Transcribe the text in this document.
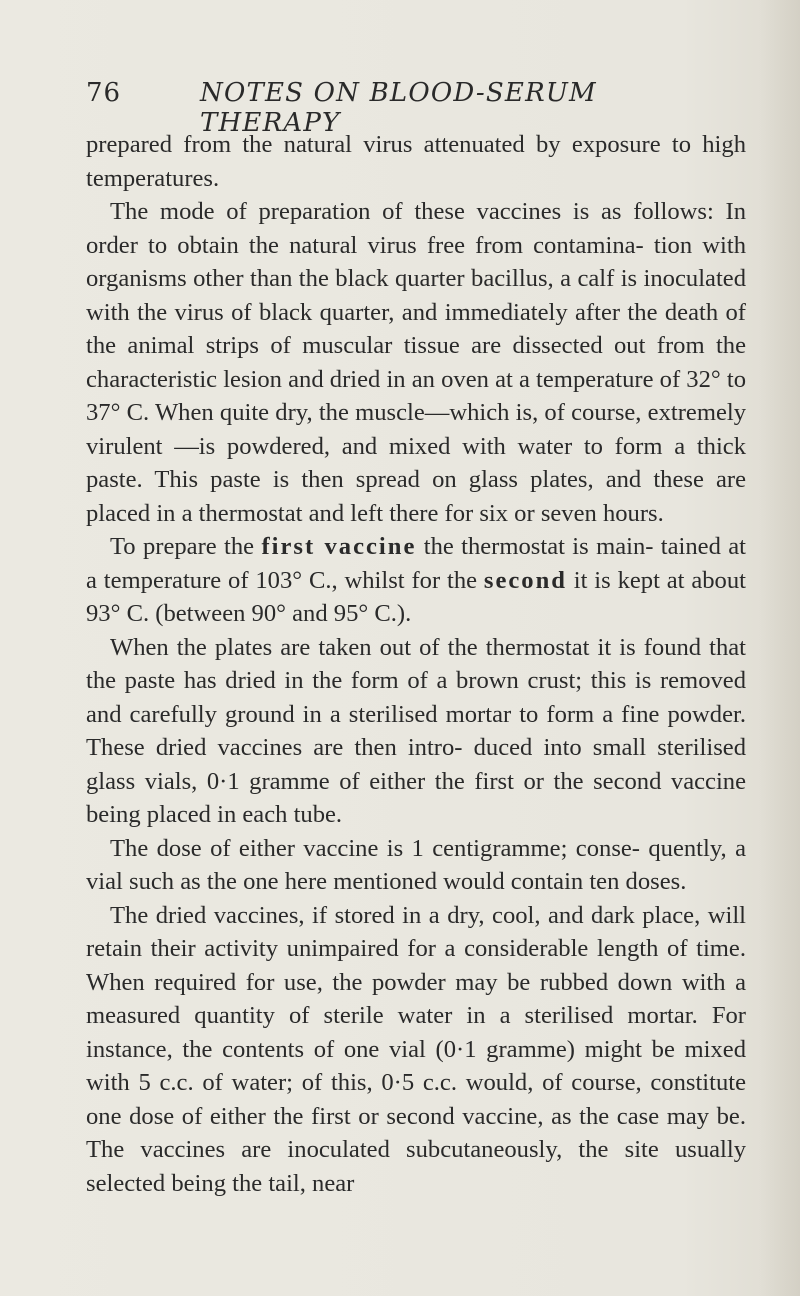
76	NOTES ON BLOOD-SERUM THERAPY

prepared from the natural virus attenuated by exposure to high temperatures.

The mode of preparation of these vaccines is as follows: In order to obtain the natural virus free from contamina- tion with organisms other than the black quarter bacillus, a calf is inoculated with the virus of black quarter, and immediately after the death of the animal strips of muscular tissue are dissected out from the characteristic lesion and dried in an oven at a temperature of 32° to 37° C. When quite dry, the muscle—which is, of course, extremely virulent —is powdered, and mixed with water to form a thick paste. This paste is then spread on glass plates, and these are placed in a thermostat and left there for six or seven hours.

To prepare the first vaccine the thermostat is main- tained at a temperature of 103° C., whilst for the second it is kept at about 93° C. (between 90° and 95° C.).

When the plates are taken out of the thermostat it is found that the paste has dried in the form of a brown crust; this is removed and carefully ground in a sterilised mortar to form a fine powder. These dried vaccines are then intro- duced into small sterilised glass vials, 0·1 gramme of either the first or the second vaccine being placed in each tube.

The dose of either vaccine is 1 centigramme; conse- quently, a vial such as the one here mentioned would contain ten doses.

The dried vaccines, if stored in a dry, cool, and dark place, will retain their activity unimpaired for a considerable length of time. When required for use, the powder may be rubbed down with a measured quantity of sterile water in a sterilised mortar. For instance, the contents of one vial (0·1 gramme) might be mixed with 5 c.c. of water; of this, 0·5 c.c. would, of course, constitute one dose of either the first or second vaccine, as the case may be. The vaccines are inoculated subcutaneously, the site usually selected being the tail, near
